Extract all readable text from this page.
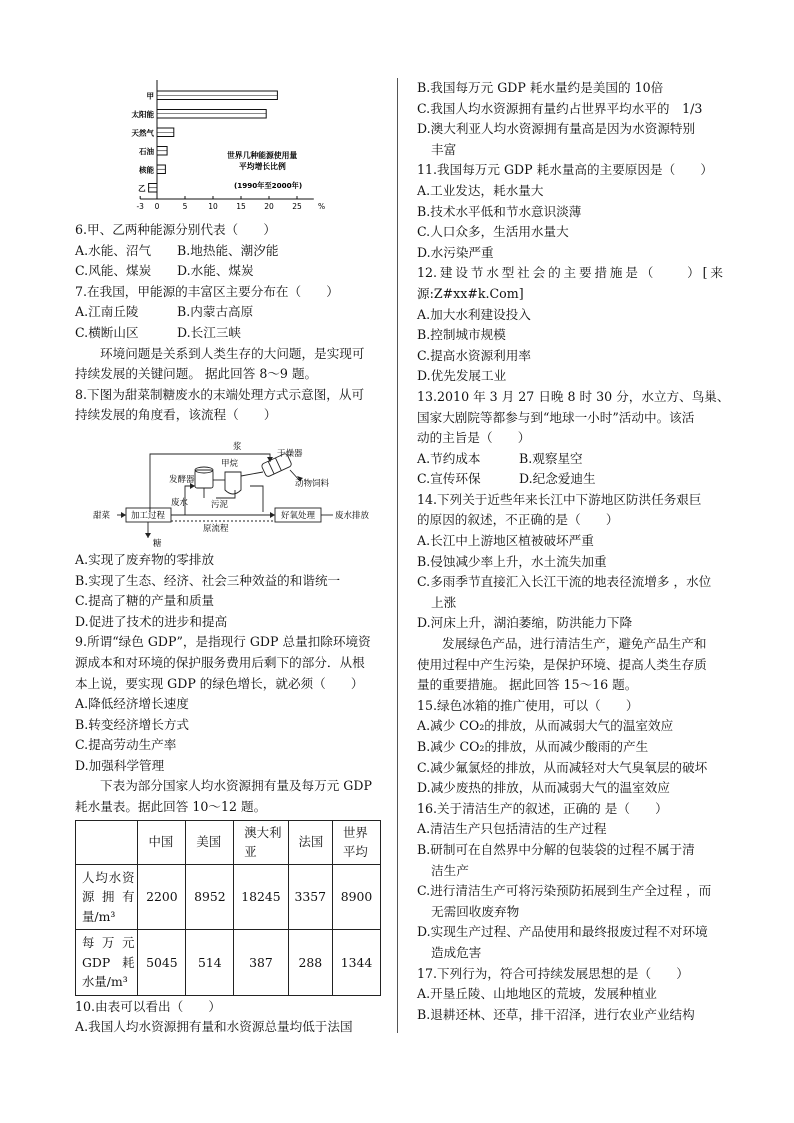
甲
太阳能
天然气
石油
核能
乙
-3 0	5	10 15 20 25 %
世界几种能源使用量
平均增长比例
(1990年至2000年)

6.甲、乙两种能源分别代表（　　）

A.水能、沼气 B.地热能、潮汐能

C.风能、煤炭 D.水能、煤炭

7.在我国，甲能源的丰富区主要分布在（　　）

A.江南丘陵	B.内蒙古高原

C.横断山区	D.长江三峡

环境问题是关系到人类生存的大问题，是实现可

持续发展的关键问题。 据此回答 8～9 题。

8.下图为甜菜制糖废水的末端处理方式示意图，从可

持续发展的角度看，该流程（　　）

浆
干燥器
甲烷
发酵器	动物饲料
废水	污泥
原流程
甜菜 加工过程	好氧处理 废水排放
糖

A.实现了废弃物的零排放

B.实现了生态、经济、社会三种效益的和谐统一

C.提高了糖的产量和质量

D.促进了技术的进步和提高

9.所谓“绿色 GDP”，是指现行 GDP 总量扣除环境资

源成本和对环境的保护服务费用后剩下的部分．从根

本上说，要实现 GDP 的绿色增长，就必须（　　）

A.降低经济增长速度

B.转变经济增长方式

C.提高劳动生产率

D.加强科学管理

下表为部分国家人均水资源拥有量及每万元 GDP

耗水量表。据此回答 10～12 题。

	中国	美国	澳大利亚	法国	世界平均
人均水资源拥有量/m³	2200	8952	18245	3357	8900
每万元GDP 耗水量/m³	5045	514	387	288	1344

10.由表可以看出（　　）

A.我国人均水资源拥有量和水资源总量均低于法国

B.我国每万元 GDP 耗水量约是美国的 10倍

C.我国人均水资源拥有量约占世界平均水平的　1/3

D.澳大利亚人均水资源拥有量高是因为水资源特别

丰富

11.我国每万元 GDP 耗水量高的主要原因是（　　）

A.工业发达，耗水量大

B.技术水平低和节水意识淡薄

C.人口众多，生活用水量大

D.水污染严重

12.建设节水型社会的主要措施是（　　）[来

源:Z#xx#k.Com]

A.加大水利建设投入

B.控制城市规模

C.提高水资源利用率

D.优先发展工业

13.2010 年 3 月 27 日晚 8 时 30 分，水立方、鸟巢、

国家大剧院等都参与到“地球一小时”活动中。该活

动的主旨是（　　）

A.节约成本	B.观察星空

C.宣传环保	D.纪念爱迪生

14.下列关于近些年来长江中下游地区防洪任务艰巨

的原因的叙述，不正确的是（　　）

A.长江中上游地区植被破坏严重

B.侵蚀减少率上升，水土流失加重

C.多雨季节直接汇入长江干流的地表径流增多 ，水位

上涨

D.河床上升，湖泊萎缩，防洪能力下降

发展绿色产品，进行清洁生产，避免产品生产和

使用过程中产生污染，是保护环境、提高人类生存质

量的重要措施。 据此回答 15～16 题。

15.绿色冰箱的推广使用，可以（　　）

A.减少 CO₂的排放，从而减弱大气的温室效应

B.减少 CO₂的排放，从而减少酸雨的产生

C.减少氟氯烃的排放，从而减轻对大气臭氧层的破坏

D.减少废热的排放，从而减弱大气的温室效应

16.关于清洁生产的叙述，正确的 是（　　）

A.清洁生产只包括清洁的生产过程

B.研制可在自然界中分解的包装袋的过程不属于清

洁生产

C.进行清洁生产可将污染预防拓展到生产全过程 ，而

无需回收废弃物

D.实现生产过程、产品使用和最终报废过程不对环境

造成危害

17.下列行为，符合可持续发展思想的是（　　）

A.开垦丘陵、山地地区的荒坡，发展种植业

B.退耕还林、还草，排干沼泽，进行农业产业结构
